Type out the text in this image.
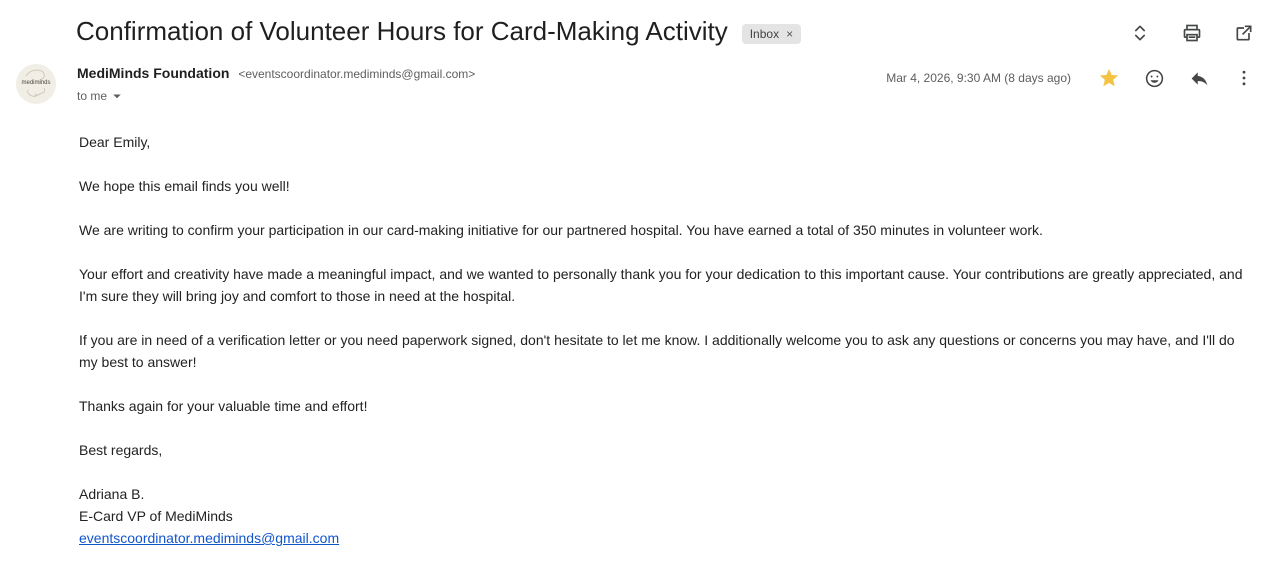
Confirmation of Volunteer Hours for Card-Making Activity Inbox ×
mediminds
MediMinds Foundation <eventscoordinator.mediminds@gmail.com>
to me
Mar 4, 2026, 9:30 AM (8 days ago)

Dear Emily,

We hope this email finds you well!

We are writing to confirm your participation in our card-making initiative for our partnered hospital. You have earned a total of 350 minutes in volunteer work.

Your effort and creativity have made a meaningful impact, and we wanted to personally thank you for your dedication to this important cause. Your contributions are greatly appreciated, and I'm sure they will bring joy and comfort to those in need at the hospital.

If you are in need of a verification letter or you need paperwork signed, don't hesitate to let me know. I additionally welcome you to ask any questions or concerns you may have, and I'll do my best to answer!

Thanks again for your valuable time and effort!

Best regards,

Adriana B.

E-Card VP of MediMinds

eventscoordinator.mediminds@gmail.com
